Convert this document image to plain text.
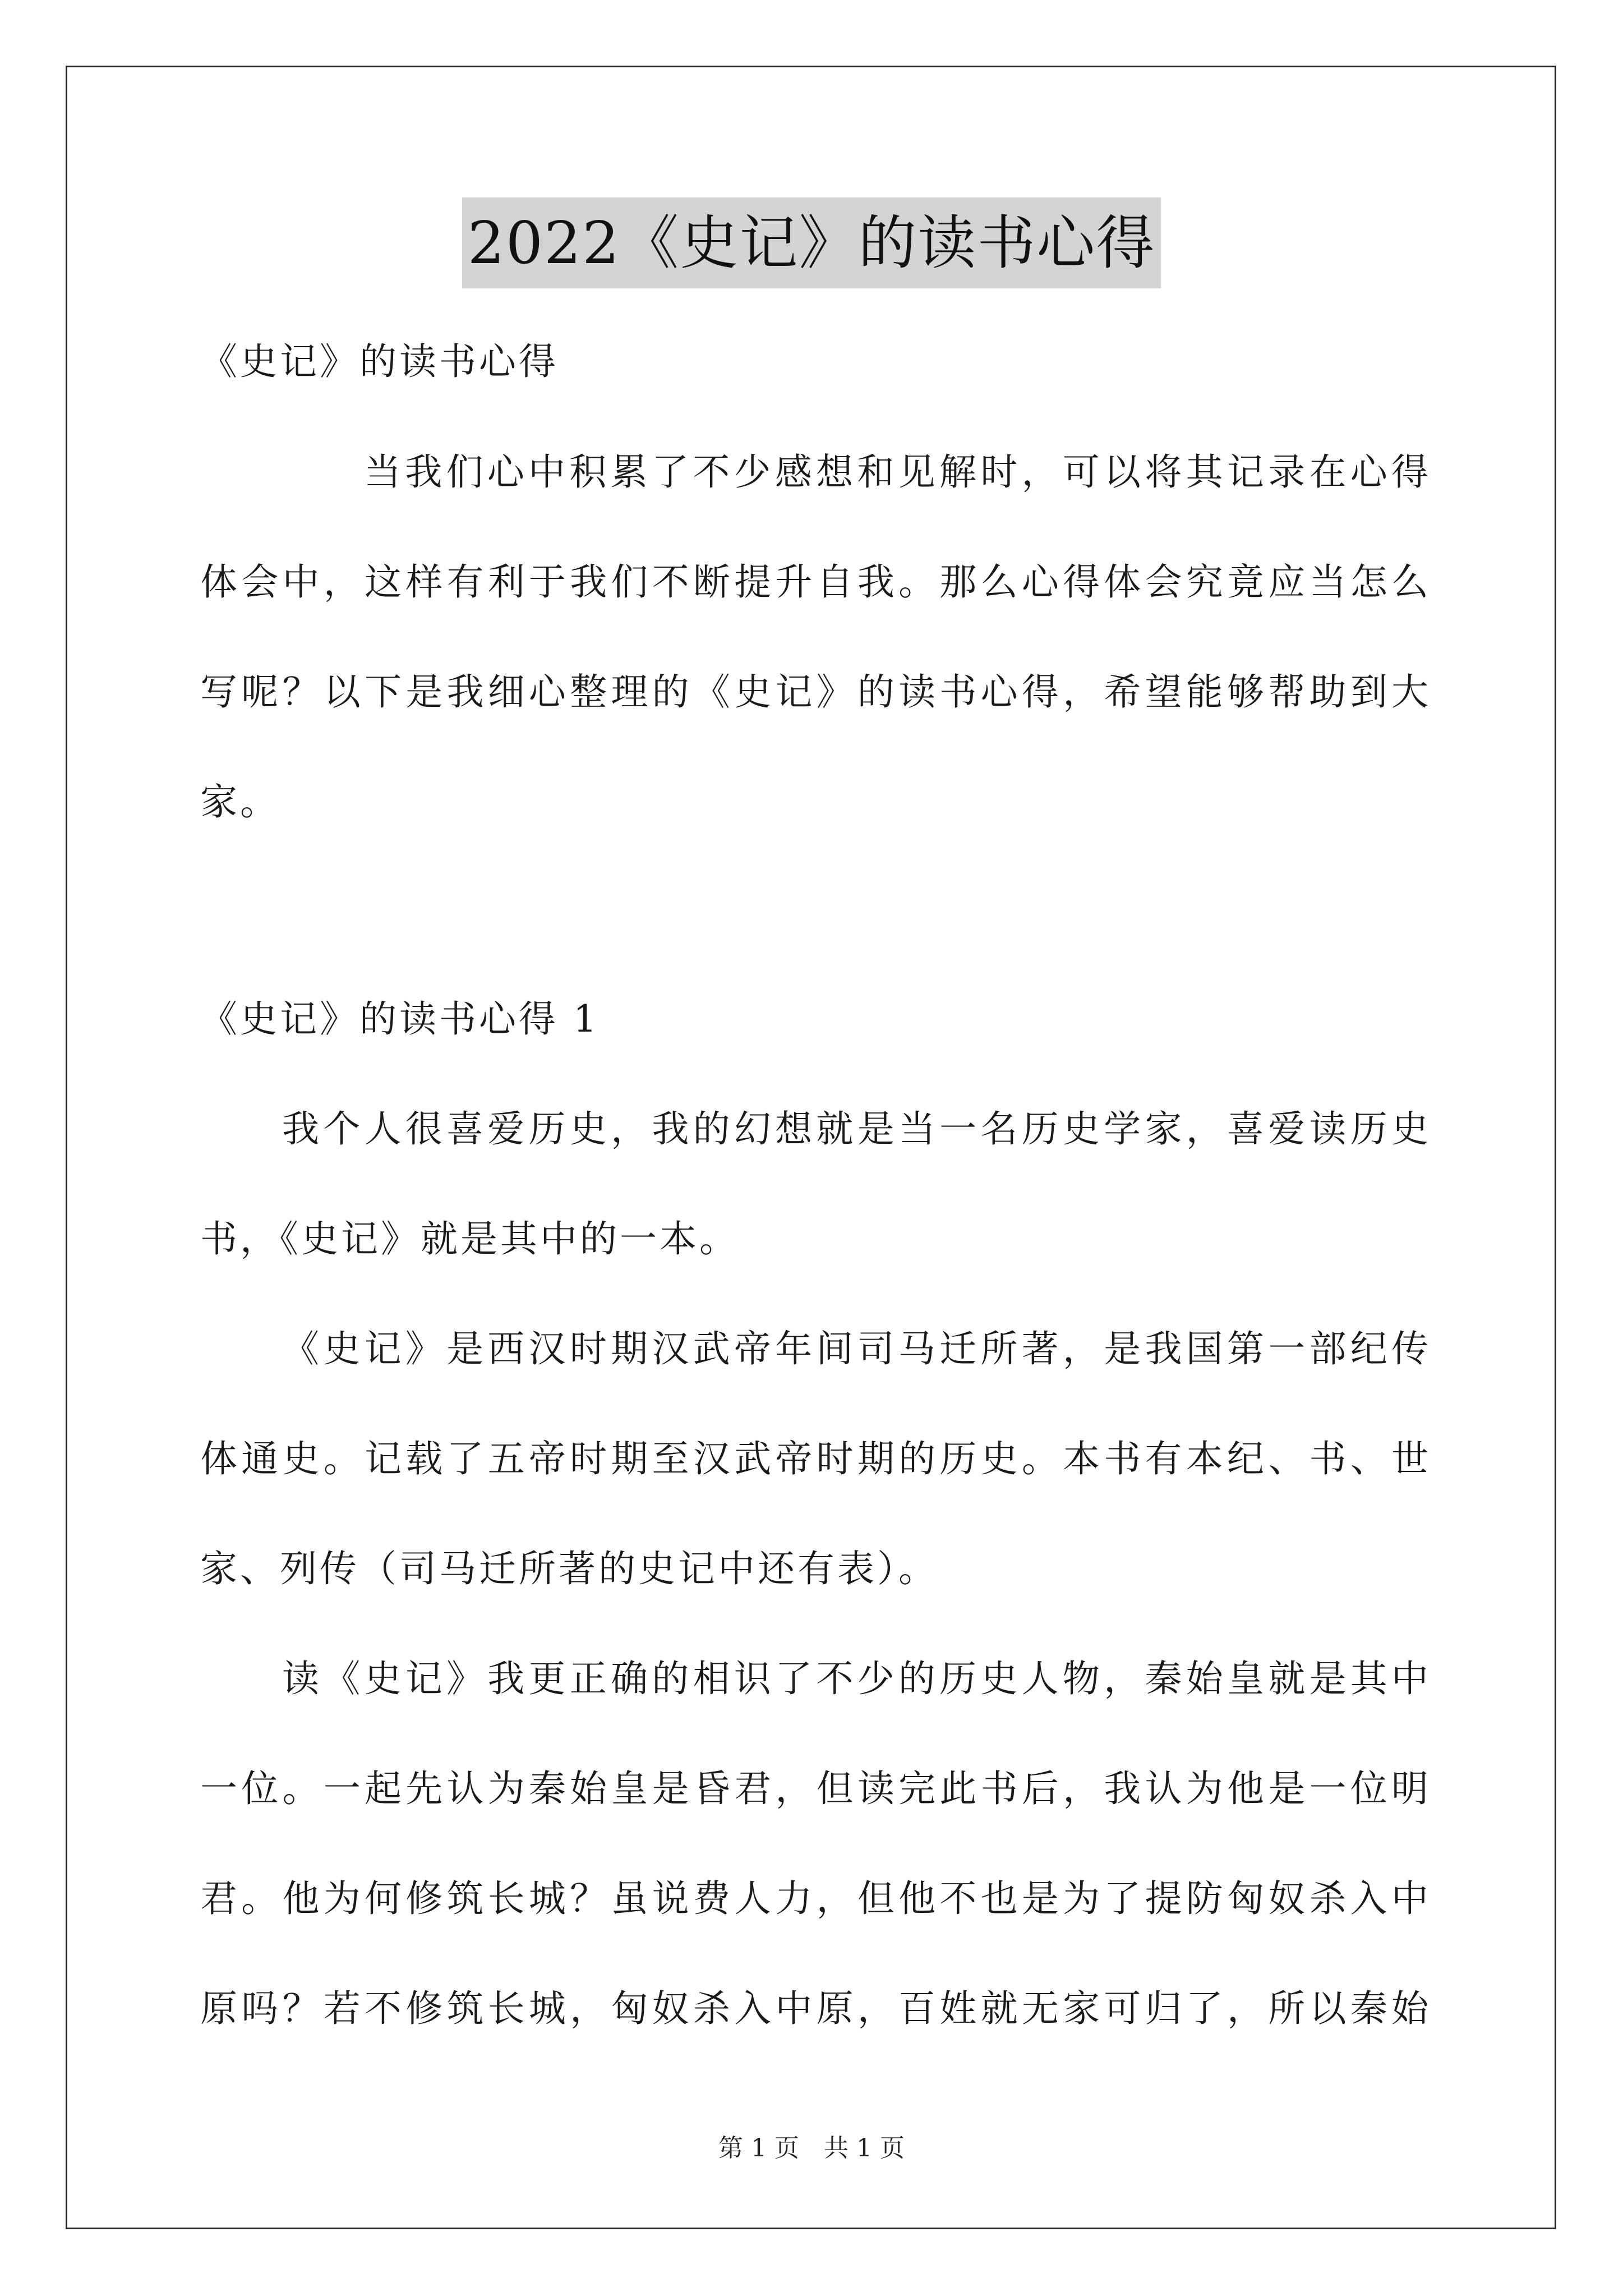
2022《史记》的读书心得
《史记》的读书心得
当我们心中积累了不少感想和见解时，可以将其记录在心得
体会中，这样有利于我们不断提升自我。那么心得体会究竟应当怎么
写呢？以下是我细心整理的《史记》的读书心得，希望能够帮助到大
家。
《史记》的读书心得 1
我个人很喜爱历史，我的幻想就是当一名历史学家，喜爱读历史
书，《史记》就是其中的一本。
《史记》是西汉时期汉武帝年间司马迁所著，是我国第一部纪传
体通史。记载了五帝时期至汉武帝时期的历史。本书有本纪、书、世
家、列传（司马迁所著的史记中还有表）。
读《史记》我更正确的相识了不少的历史人物，秦始皇就是其中
一位。一起先认为秦始皇是昏君，但读完此书后，我认为他是一位明
君。他为何修筑长城？虽说费人力，但他不也是为了提防匈奴杀入中
原吗？若不修筑长城，匈奴杀入中原，百姓就无家可归了，所以秦始
第 1 页　共 1 页
